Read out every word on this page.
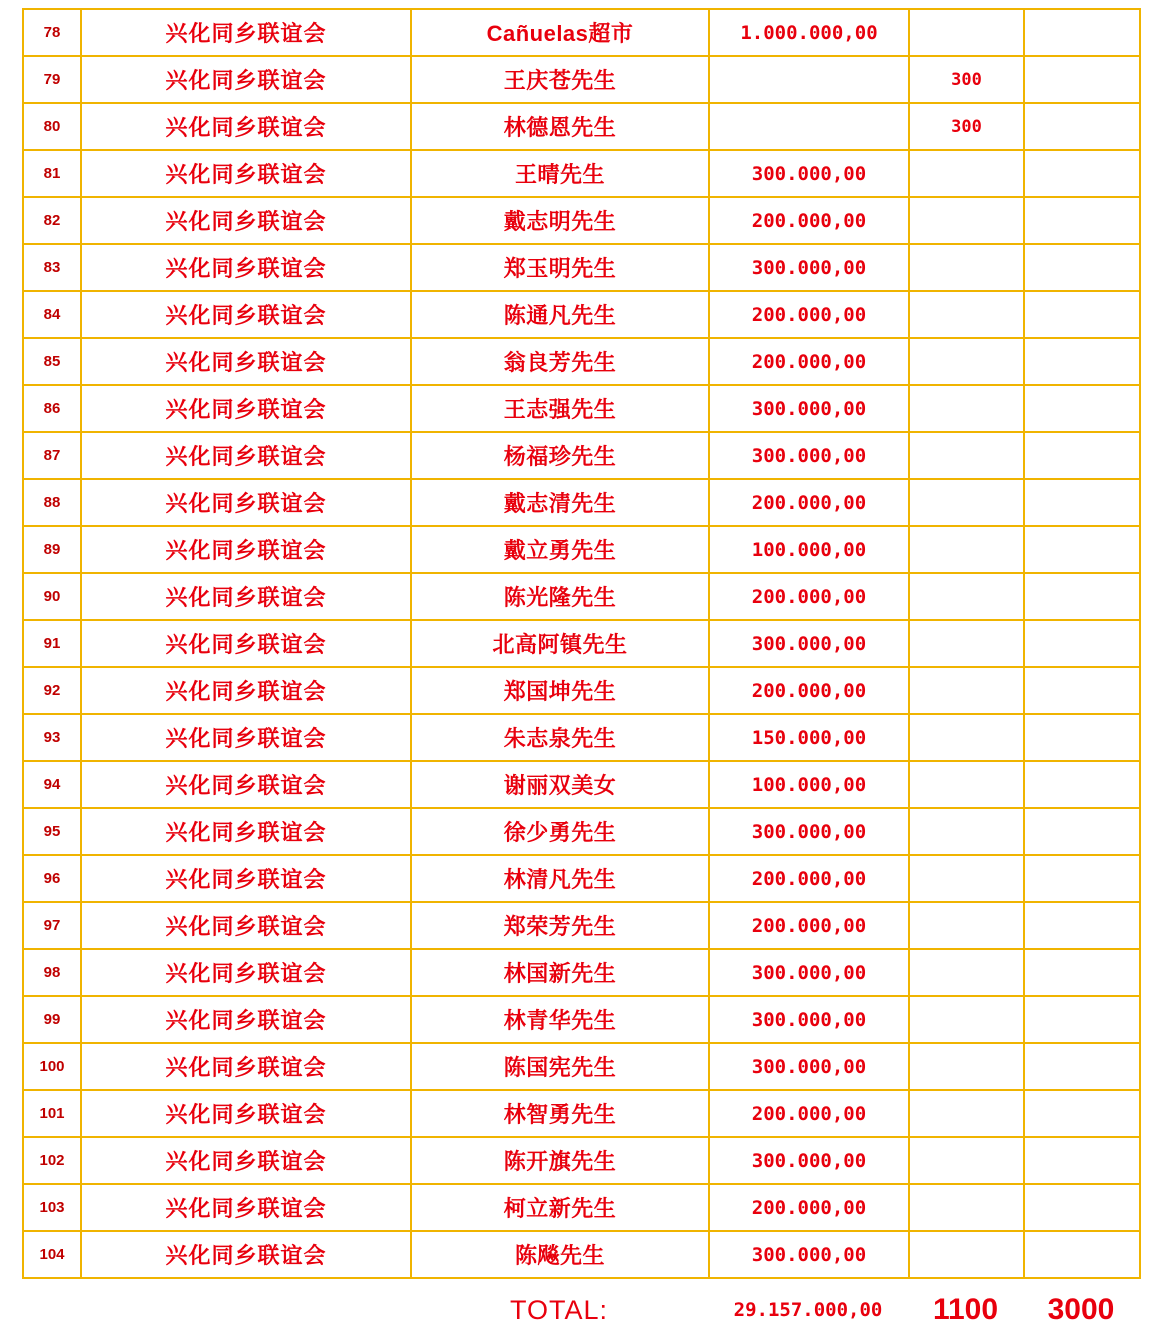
78	兴化同乡联谊会	Cañuelas超市	1.000.000,00		
79	兴化同乡联谊会	王庆苍先生		300	
80	兴化同乡联谊会	林德恩先生		300	
81	兴化同乡联谊会	王晴先生	300.000,00		
82	兴化同乡联谊会	戴志明先生	200.000,00		
83	兴化同乡联谊会	郑玉明先生	300.000,00		
84	兴化同乡联谊会	陈通凡先生	200.000,00		
85	兴化同乡联谊会	翁良芳先生	200.000,00		
86	兴化同乡联谊会	王志强先生	300.000,00		
87	兴化同乡联谊会	杨福珍先生	300.000,00		
88	兴化同乡联谊会	戴志清先生	200.000,00		
89	兴化同乡联谊会	戴立勇先生	100.000,00		
90	兴化同乡联谊会	陈光隆先生	200.000,00		
91	兴化同乡联谊会	北高阿镇先生	300.000,00		
92	兴化同乡联谊会	郑国坤先生	200.000,00		
93	兴化同乡联谊会	朱志泉先生	150.000,00		
94	兴化同乡联谊会	谢丽双美女	100.000,00		
95	兴化同乡联谊会	徐少勇先生	300.000,00		
96	兴化同乡联谊会	林清凡先生	200.000,00		
97	兴化同乡联谊会	郑荣芳先生	200.000,00		
98	兴化同乡联谊会	林国新先生	300.000,00		
99	兴化同乡联谊会	林青华先生	300.000,00		
100	兴化同乡联谊会	陈国宪先生	300.000,00		
101	兴化同乡联谊会	林智勇先生	200.000,00		
102	兴化同乡联谊会	陈开旗先生	300.000,00		
103	兴化同乡联谊会	柯立新先生	200.000,00		
104	兴化同乡联谊会	陈飚先生	300.000,00		
TOTAL:	29.157.000,00	1100	3000
